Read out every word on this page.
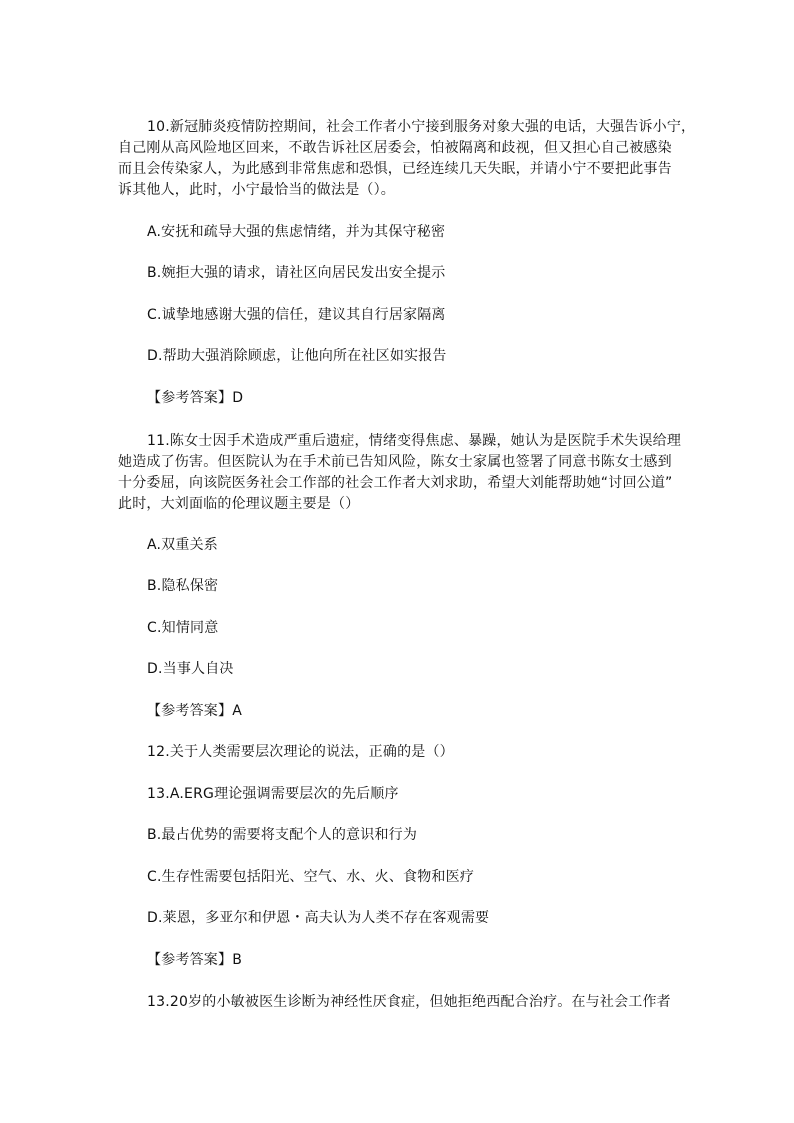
10.新冠肺炎疫情防控期间，社会工作者小宁接到服务对象大强的电话，大强告诉小宁，
自己刚从高风险地区回来，不敢告诉社区居委会，怕被隔离和歧视，但又担心自己被感染
而且会传染家人，为此感到非常焦虑和恐惧，已经连续几天失眠，并请小宁不要把此事告
诉其他人，此时，小宁最恰当的做法是（）。
A.安抚和疏导大强的焦虑情绪，并为其保守秘密
B.婉拒大强的请求，请社区向居民发出安全提示
C.诚挚地感谢大强的信任，建议其自行居家隔离
D.帮助大强消除顾虑，让他向所在社区如实报告
【参考答案】D
11.陈女士因手术造成严重后遗症，情绪变得焦虑、暴躁，她认为是医院手术失误给理
她造成了伤害。但医院认为在手术前已告知风险，陈女士家属也签署了同意书陈女士感到
十分委屈，向该院医务社会工作部的社会工作者大刘求助，希望大刘能帮助她“讨回公道”
此时，大刘面临的伦理议题主要是（）
A.双重关系
B.隐私保密
C.知情同意
D.当事人自决
【参考答案】A
12.关于人类需要层次理论的说法，正确的是（）
13.A.ERG理论强调需要层次的先后顺序
B.最占优势的需要将支配个人的意识和行为
C.生存性需要包括阳光、空气、水、火、食物和医疗
D.莱恩，多亚尔和伊恩・高夫认为人类不存在客观需要
【参考答案】B
13.20岁的小敏被医生诊断为神经性厌食症，但她拒绝西配合治疗。在与社会工作者
